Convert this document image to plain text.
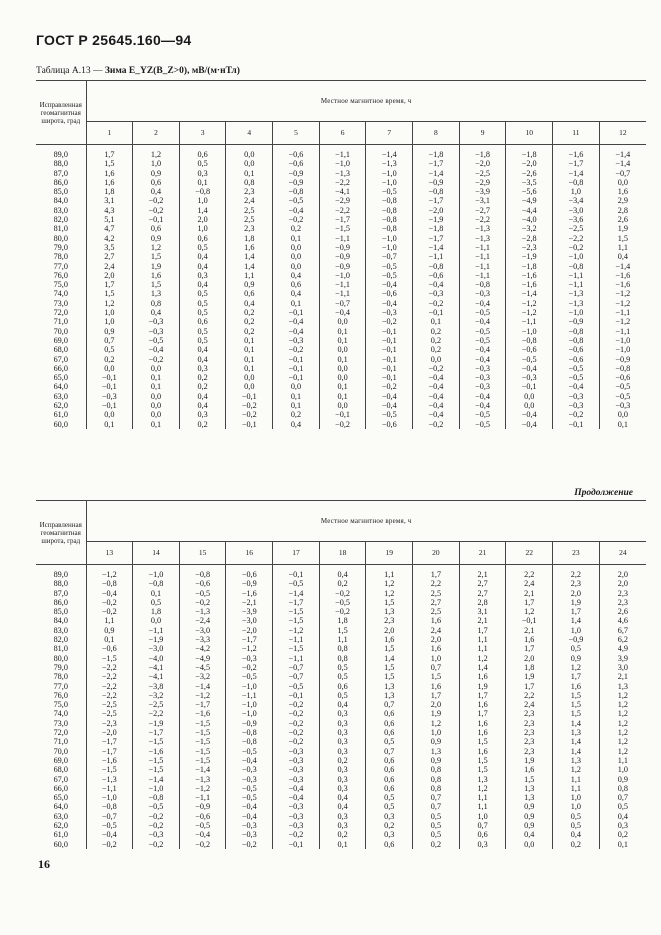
ГОСТ Р 25645.160—94
Таблица А.13 — Зима E_YZ(B_Z>0), мВ/(м·нТл)
Исправленная геомагнитная широта, град	Местное магнитное время, ч											
	1	2	3	4	5	6	7	8	9	10	11	12
89,0	1,7	1,2	0,6	0,0	−0,6	−1,1	−1,4	−1,8	−1,8	−1,8	−1,6	−1,4
88,0	1,5	1,0	0,5	0,0	−0,6	−1,0	−1,3	−1,7	−2,0	−2,0	−1,7	−1,4
87,0	1,6	0,9	0,3	0,1	−0,9	−1,3	−1,0	−1,4	−2,5	−2,6	−1,4	−0,7
86,0	1,6	0,6	0,1	0,8	−0,9	−2,2	−1,0	−0,9	−2,9	−3,5	−0,8	0,0
85,0	1,8	0,4	−0,8	2,3	−0,8	−4,1	−0,5	−0,8	−3,9	−5,6	1,0	1,6
84,0	3,1	−0,2	1,0	2,4	−0,5	−2,9	−0,8	−1,7	−3,1	−4,9	−3,4	2,9
83,0	4,3	−0,2	1,4	2,5	−0,4	−2,2	−0,8	−2,0	−2,7	−4,4	−3,0	2,8
82,0	5,1	−0,1	2,0	2,5	−0,2	−1,7	−0,8	−1,9	−2,2	−4,0	−3,6	2,6
81,0	4,7	0,6	1,0	2,3	0,2	−1,5	−0,8	−1,8	−1,3	−3,2	−2,5	1,9
80,0	4,2	0,9	0,6	1,8	0,1	−1,1	−1,0	−1,7	−1,3	−2,8	−2,2	1,5
79,0	3,5	1,2	0,5	1,6	0,0	−0,9	−1,0	−1,4	−1,1	−2,3	−0,2	1,1
78,0	2,7	1,5	0,4	1,4	0,0	−0,9	−0,7	−1,1	−1,1	−1,9	−1,0	0,4
77,0	2,4	1,9	0,4	1,4	0,0	−0,9	−0,5	−0,8	−1,1	−1,8	−0,8	−1,4
76,0	2,0	1,6	0,3	1,1	0,4	−1,0	−0,5	−0,6	−1,1	−1,6	−1,1	−1,6
75,0	1,7	1,5	0,4	0,9	0,6	−1,1	−0,4	−0,4	−0,8	−1,6	−1,1	−1,6
74,0	1,5	1,3	0,5	0,6	0,4	−1,1	−0,6	−0,3	−0,3	−1,4	−1,3	−1,2
73,0	1,2	0,8	0,5	0,4	0,1	−0,7	−0,4	−0,2	−0,4	−1,2	−1,3	−1,2
72,0	1,0	0,4	0,5	0,2	−0,1	−0,4	−0,3	−0,1	−0,5	−1,2	−1,0	−1,1
71,0	1,0	−0,3	0,6	0,2	−0,4	0,0	−0,2	0,1	−0,4	−1,1	−0,9	−1,2
70,0	0,9	−0,3	0,5	0,2	−0,4	0,1	−0,1	0,2	−0,5	−1,0	−0,8	−1,1
69,0	0,7	−0,5	0,5	0,1	−0,3	0,1	−0,1	0,2	−0,5	−0,8	−0,8	−1,0
68,0	0,5	−0,4	0,4	0,1	−0,2	0,0	−0,1	0,2	−0,4	−0,6	−0,6	−1,0
67,0	0,2	−0,2	0,4	0,1	−0,1	0,1	−0,1	0,0	−0,4	−0,5	−0,6	−0,9
66,0	0,0	0,0	0,3	0,1	−0,1	0,0	−0,1	−0,2	−0,3	−0,4	−0,5	−0,8
65,0	−0,1	0,1	0,2	0,0	−0,1	0,0	−0,1	−0,4	−0,3	−0,3	−0,5	−0,6
64,0	−0,1	0,1	0,2	0,0	0,0	0,1	−0,2	−0,4	−0,3	−0,1	−0,4	−0,5
63,0	−0,3	0,0	0,4	−0,1	0,1	0,1	−0,4	−0,4	−0,4	0,0	−0,3	−0,5
62,0	−0,1	0,0	0,4	−0,2	0,1	0,0	−0,4	−0,4	−0,4	0,0	−0,3	−0,3
61,0	0,0	0,0	0,3	−0,2	0,2	−0,1	−0,5	−0,4	−0,5	−0,4	−0,2	0,0
60,0	0,1	0,1	0,2	−0,1	0,4	−0,2	−0,6	−0,2	−0,5	−0,4	−0,1	0,1
Продолжение
Исправленная геомагнитная широта, град	Местное магнитное время, ч											
	13	14	15	16	17	18	19	20	21	22	23	24
89,0	−1,2	−1,0	−0,8	−0,6	−0,1	0,4	1,1	1,7	2,1	2,2	2,2	2,0
88,0	−0,8	−0,8	−0,6	−0,9	−0,5	0,2	1,2	2,2	2,7	2,4	2,3	2,0
87,0	−0,4	0,1	−0,5	−1,6	−1,4	−0,2	1,2	2,5	2,7	2,1	2,0	2,3
86,0	−0,2	0,5	−0,2	−2,1	−1,7	−0,5	1,5	2,7	2,8	1,7	1,9	2,3
85,0	−0,2	1,8	−1,3	−3,9	−1,5	−0,2	1,3	2,5	3,1	1,2	1,7	2,6
84,0	1,1	0,0	−2,4	−3,0	−1,5	1,8	2,3	1,6	2,1	−0,1	1,4	4,6
83,0	0,9	−1,1	−3,0	−2,0	−1,2	1,5	2,0	2,4	1,7	2,1	1,0	6,7
82,0	0,1	−1,9	−3,3	−1,7	−1,1	1,1	1,6	2,0	1,1	1,6	−0,9	6,2
81,0	−0,6	−3,0	−4,2	−1,2	−1,5	0,8	1,5	1,6	1,1	1,7	0,5	4,9
80,0	−1,5	−4,0	−4,9	−0,3	−1,1	0,8	1,4	1,0	1,2	2,0	0,9	3,9
79,0	−2,2	−4,1	−4,5	−0,2	−0,7	0,5	1,5	0,7	1,4	1,8	1,2	3,0
78,0	−2,2	−4,1	−3,2	−0,5	−0,7	0,5	1,5	1,5	1,6	1,9	1,7	2,1
77,0	−2,2	−3,8	−1,4	−1,0	−0,5	0,6	1,3	1,6	1,9	1,7	1,6	1,3
76,0	−2,2	−3,2	−1,2	−1,1	−0,1	0,5	1,3	1,7	1,7	2,2	1,5	1,2
75,0	−2,5	−2,5	−1,7	−1,0	−0,2	0,4	0,7	2,0	1,6	2,4	1,5	1,2
74,0	−2,5	−2,2	−1,6	−1,0	−0,2	0,3	0,6	1,9	1,7	2,3	1,5	1,2
73,0	−2,3	−1,9	−1,5	−0,9	−0,2	0,3	0,6	1,2	1,6	2,3	1,4	1,2
72,0	−2,0	−1,7	−1,5	−0,8	−0,2	0,3	0,6	1,0	1,6	2,3	1,3	1,2
71,0	−1,7	−1,5	−1,5	−0,8	−0,2	0,3	0,5	0,9	1,5	2,3	1,4	1,2
70,0	−1,7	−1,6	−1,5	−0,5	−0,3	0,3	0,7	1,3	1,6	2,3	1,4	1,2
69,0	−1,6	−1,5	−1,5	−0,4	−0,3	0,2	0,6	0,9	1,5	1,9	1,3	1,1
68,0	−1,5	−1,5	−1,4	−0,3	−0,3	0,3	0,6	0,8	1,5	1,6	1,2	1,0
67,0	−1,3	−1,4	−1,3	−0,3	−0,3	0,3	0,6	0,8	1,3	1,5	1,1	0,9
66,0	−1,1	−1,0	−1,2	−0,5	−0,4	0,3	0,6	0,8	1,2	1,3	1,1	0,8
65,0	−1,0	−0,8	−1,1	−0,5	−0,4	0,4	0,5	0,7	1,1	1,3	1,0	0,7
64,0	−0,8	−0,5	−0,9	−0,4	−0,3	0,4	0,5	0,7	1,1	0,9	1,0	0,5
63,0	−0,7	−0,2	−0,6	−0,4	−0,3	0,3	0,3	0,5	1,0	0,9	0,5	0,4
62,0	−0,5	−0,2	−0,5	−0,3	−0,3	0,3	0,2	0,5	0,7	0,9	0,5	0,3
61,0	−0,4	−0,3	−0,4	−0,3	−0,2	0,2	0,3	0,5	0,6	0,4	0,4	0,2
60,0	−0,2	−0,2	−0,2	−0,2	−0,1	0,1	0,6	0,2	0,3	0,0	0,2	0,1
16
